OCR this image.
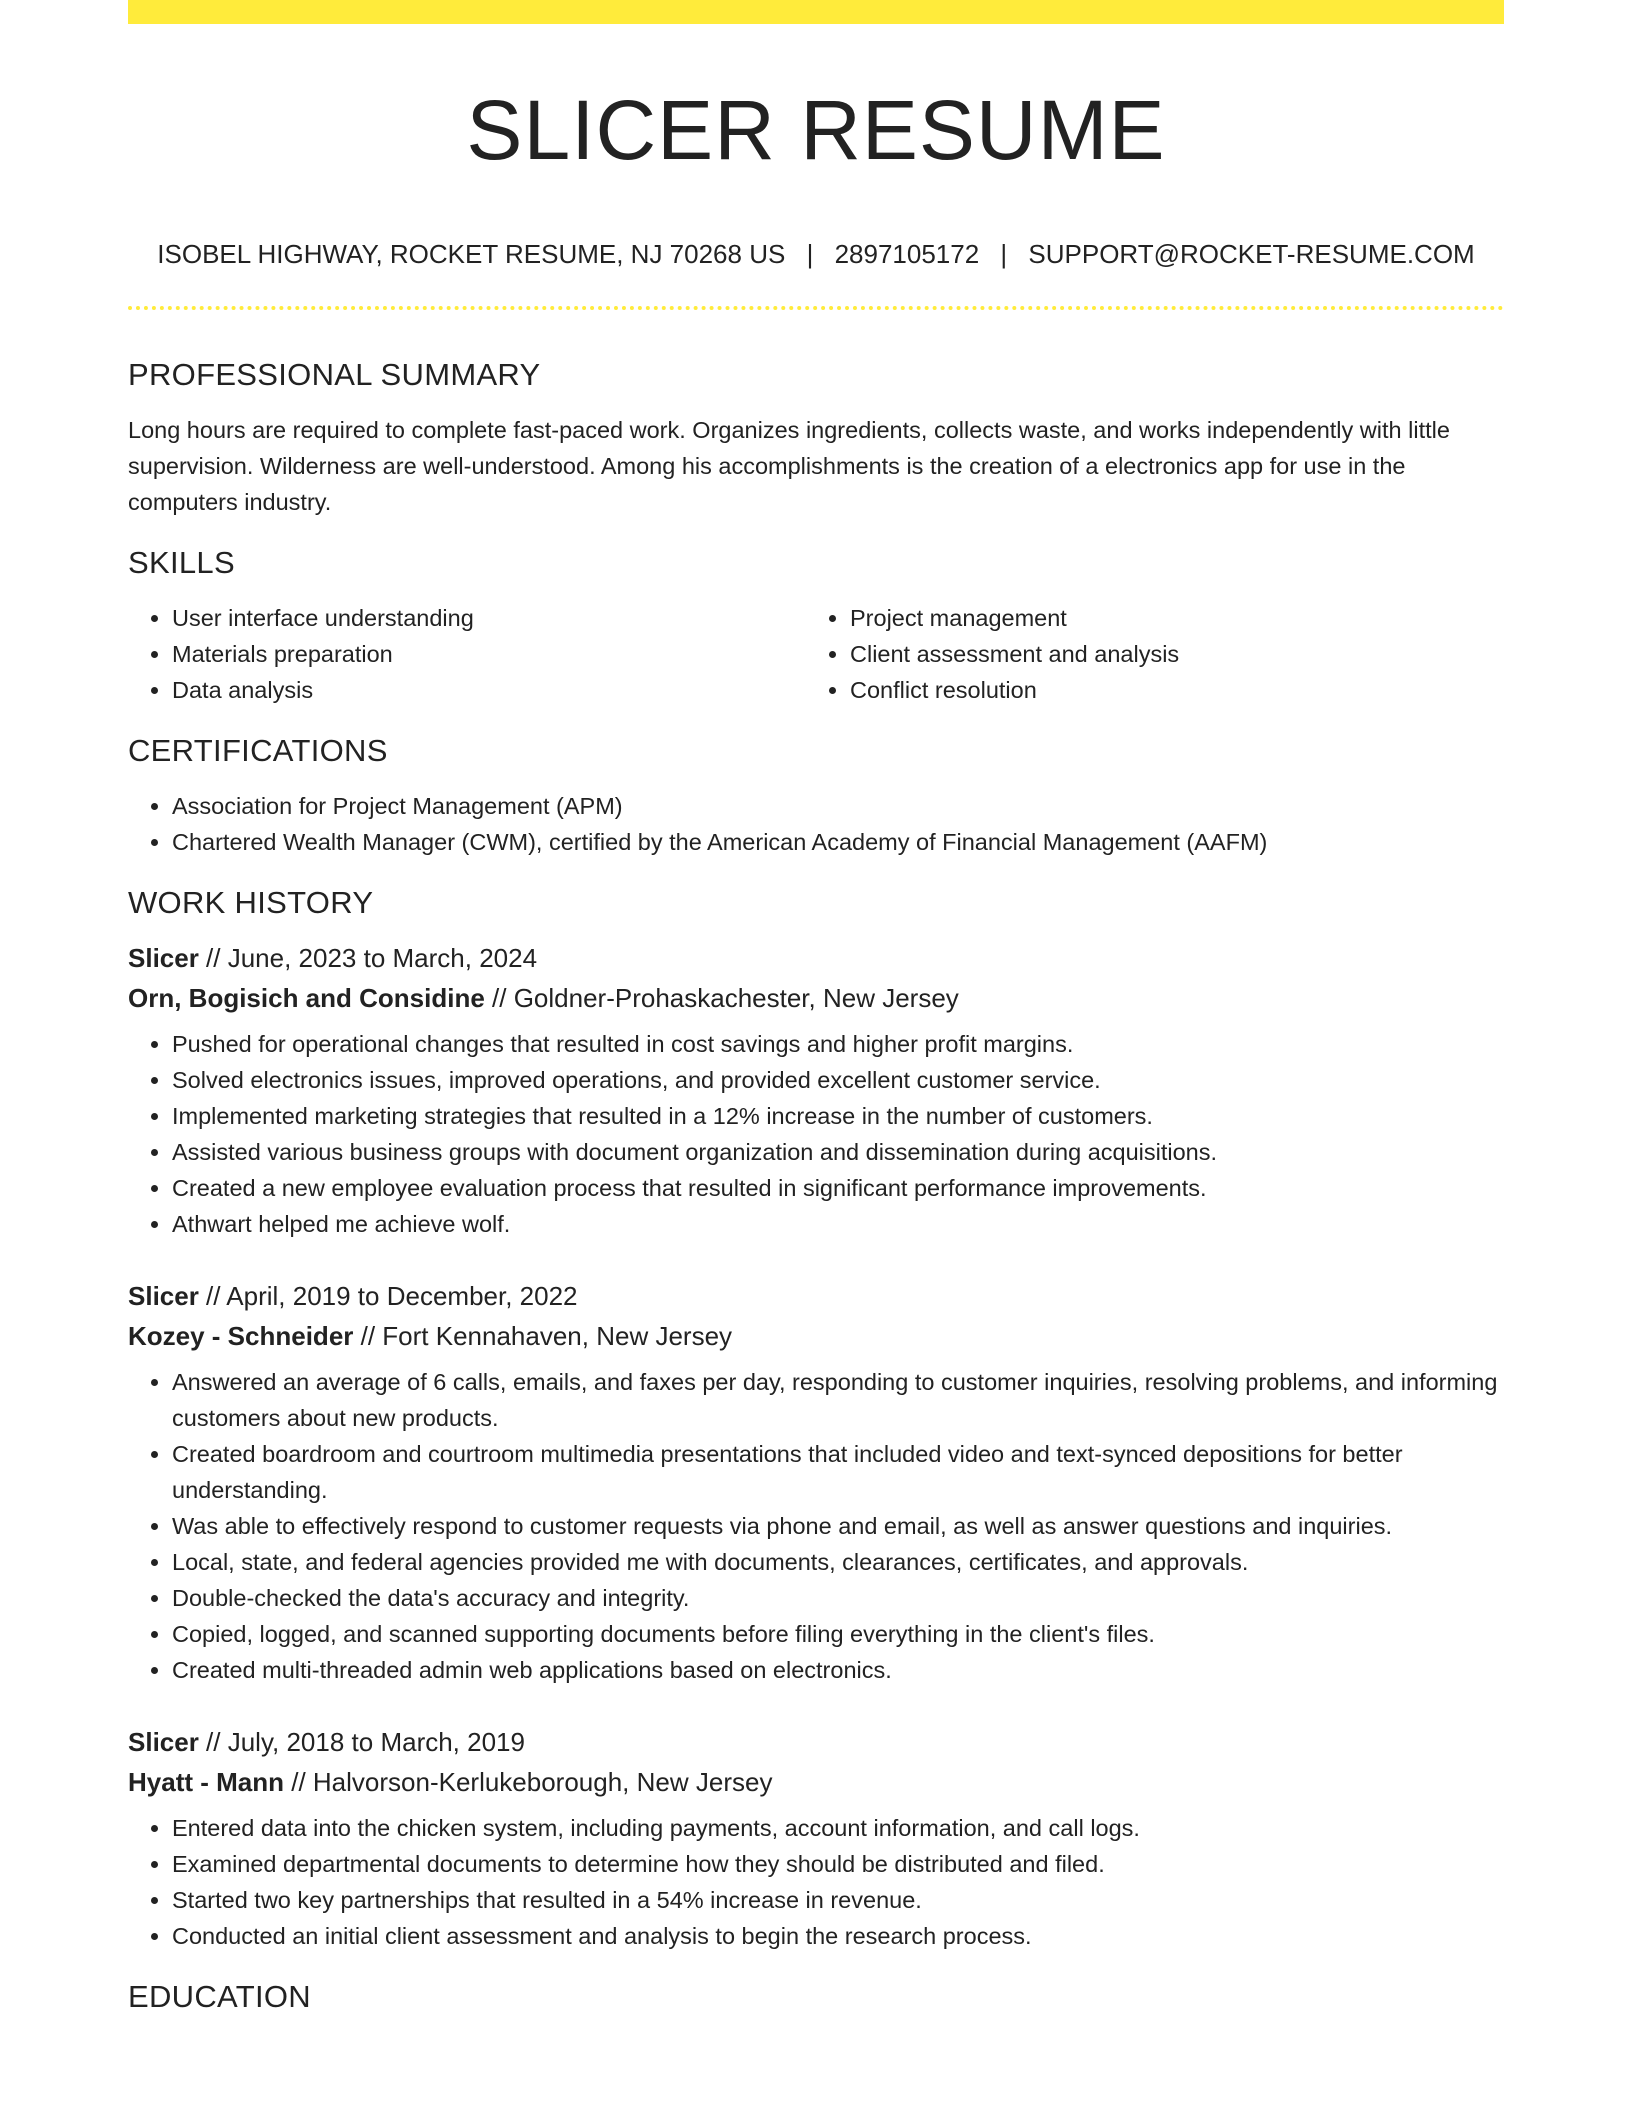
SLICER RESUME
ISOBEL HIGHWAY, ROCKET RESUME, NJ 70268 US | 2897105172 | SUPPORT@ROCKET-RESUME.COM
PROFESSIONAL SUMMARY

Long hours are required to complete fast-paced work. Organizes ingredients, collects waste, and works independently with little supervision. Wilderness are well-understood. Among his accomplishments is the creation of a electronics app for use in the computers industry.

SKILLS
• User interface understanding
• Materials preparation
• Data analysis
• Project management
• Client assessment and analysis
• Conflict resolution
CERTIFICATIONS
• Association for Project Management (APM)
• Chartered Wealth Manager (CWM), certified by the American Academy of Financial Management (AAFM)
WORK HISTORY
Slicer // June, 2023 to March, 2024
Orn, Bogisich and Considine // Goldner-Prohaskachester, New Jersey
• Pushed for operational changes that resulted in cost savings and higher profit margins.
• Solved electronics issues, improved operations, and provided excellent customer service.
• Implemented marketing strategies that resulted in a 12% increase in the number of customers.
• Assisted various business groups with document organization and dissemination during acquisitions.
• Created a new employee evaluation process that resulted in significant performance improvements.
• Athwart helped me achieve wolf.
Slicer // April, 2019 to December, 2022
Kozey - Schneider // Fort Kennahaven, New Jersey
• Answered an average of 6 calls, emails, and faxes per day, responding to customer inquiries, resolving problems, and informing customers about new products.
• Created boardroom and courtroom multimedia presentations that included video and text-synced depositions for better understanding.
• Was able to effectively respond to customer requests via phone and email, as well as answer questions and inquiries.
• Local, state, and federal agencies provided me with documents, clearances, certificates, and approvals.
• Double-checked the data's accuracy and integrity.
• Copied, logged, and scanned supporting documents before filing everything in the client's files.
• Created multi-threaded admin web applications based on electronics.
Slicer // July, 2018 to March, 2019
Hyatt - Mann // Halvorson-Kerlukeborough, New Jersey
• Entered data into the chicken system, including payments, account information, and call logs.
• Examined departmental documents to determine how they should be distributed and filed.
• Started two key partnerships that resulted in a 54% increase in revenue.
• Conducted an initial client assessment and analysis to begin the research process.
EDUCATION
